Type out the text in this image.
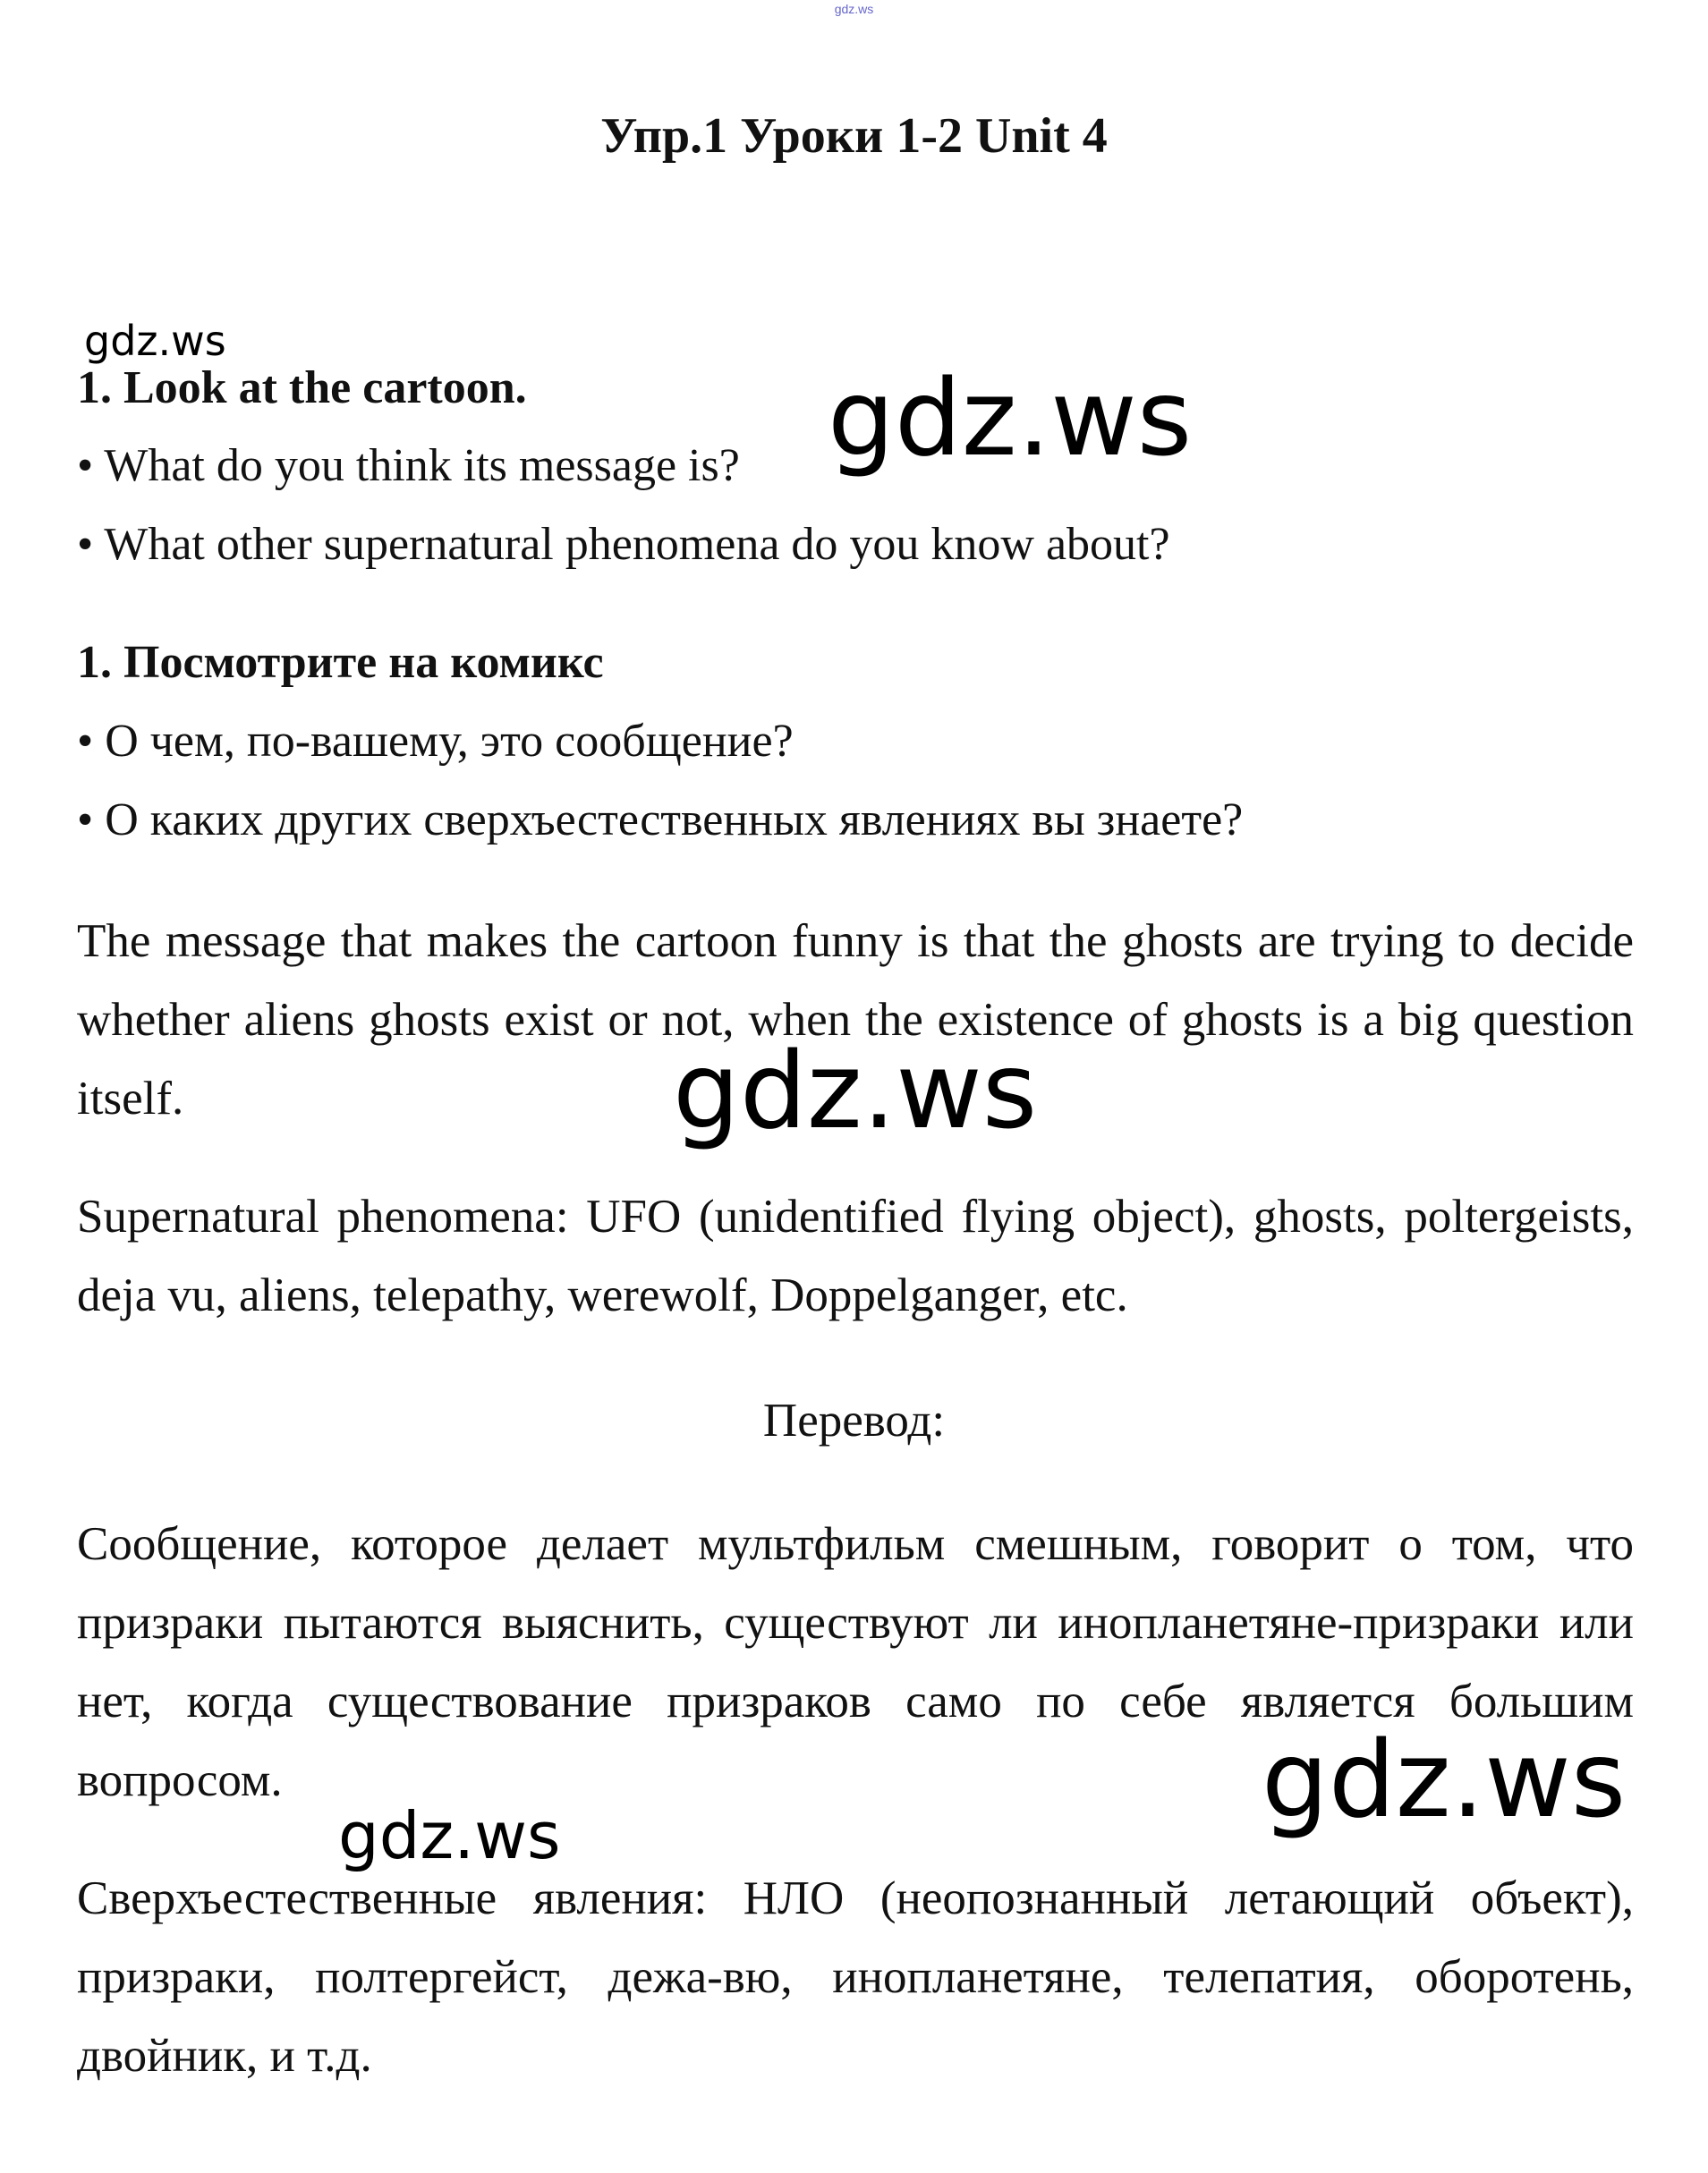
gdz.ws
Упр.1 Уроки 1-2 Unit 4
gdz.ws
1. Look at the cartoon.
• What do you think its message is?
• What other supernatural phenomena do you know about?
gdz.ws
1. Посмотрите на комикс
• О чем, по-вашему, это сообщение?
• О каких других сверхъестественных явлениях вы знаете?

The message that makes the cartoon funny is that the ghosts are trying to decide whether aliens ghosts exist or not, when the existence of ghosts is a big question itself.	gdz.ws

Supernatural phenomena: UFO (unidentified flying object), ghosts, poltergeists, deja vu, aliens, telepathy, werewolf, Doppelganger, etc.

Перевод:

Сообщение, которое делает мультфильм смешным, говорит о том, что призраки пытаются выяснить, существуют ли инопланетяне-призраки или нет, когда существование призраков само по себе является большим вопросом.	gdz.ws
gdz.ws

Сверхъестественные явления: НЛО (неопознанный летающий объект), призраки, полтергейст, дежа-вю, инопланетяне, телепатия, оборотень, двойник, и т.д.
